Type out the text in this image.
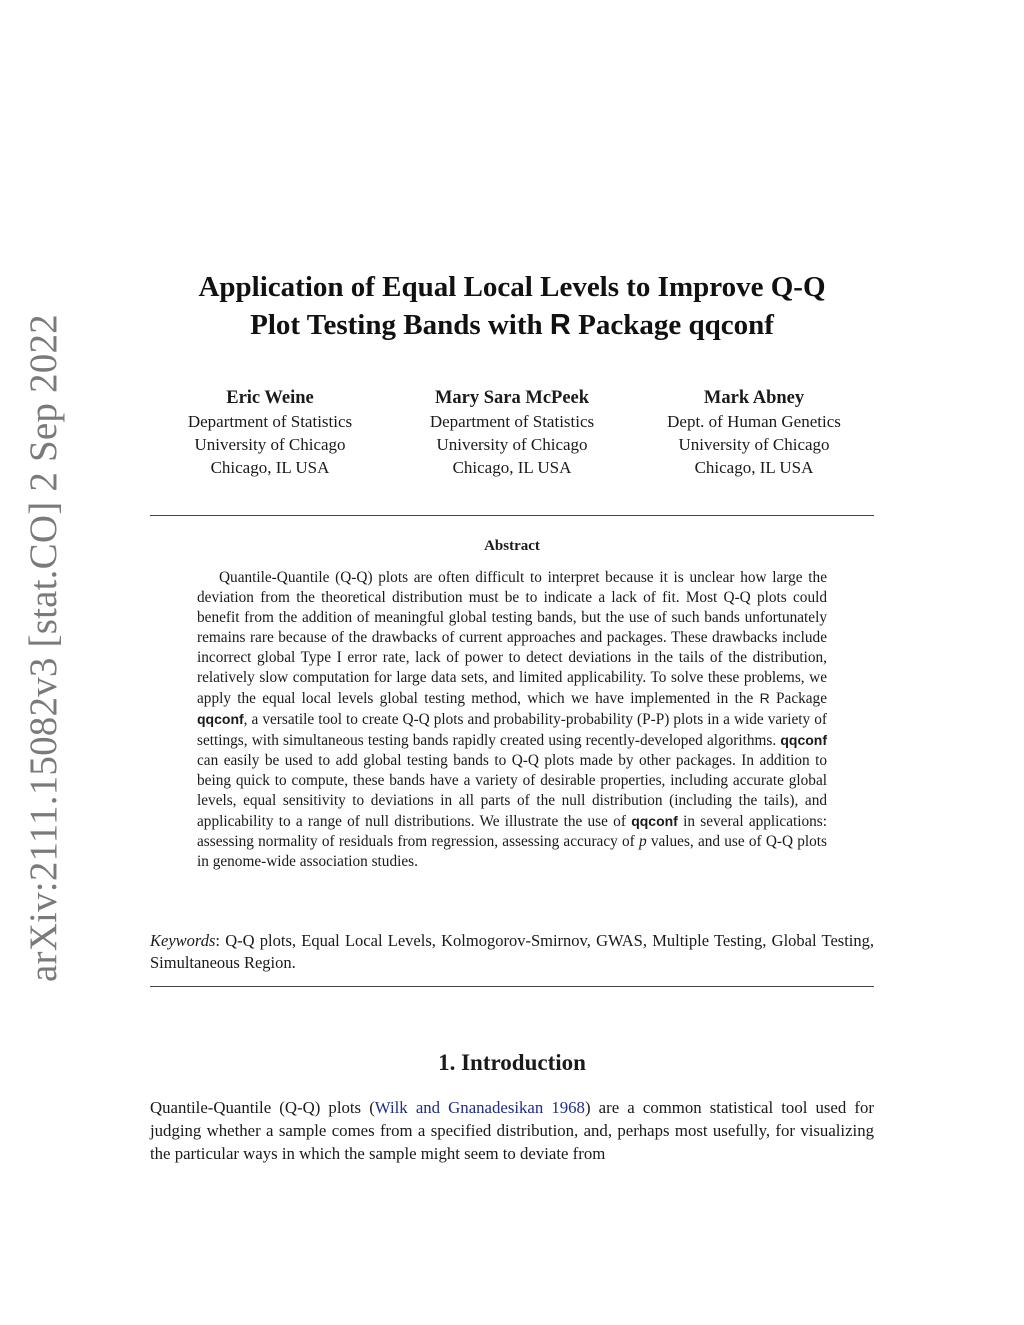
arXiv:2111.15082v3 [stat.CO] 2 Sep 2022
Application of Equal Local Levels to Improve Q-Q
Plot Testing Bands with R Package qqconf
Eric Weine
Department of Statistics
University of Chicago
Chicago, IL USA
Mary Sara McPeek
Department of Statistics
University of Chicago
Chicago, IL USA
Mark Abney
Dept. of Human Genetics
University of Chicago
Chicago, IL USA
Abstract
Quantile-Quantile (Q-Q) plots are often difficult to interpret because it is unclear how large the deviation from the theoretical distribution must be to indicate a lack of fit. Most Q-Q plots could benefit from the addition of meaningful global testing bands, but the use of such bands unfortunately remains rare because of the drawbacks of current approaches and packages. These drawbacks include incorrect global Type I error rate, lack of power to detect deviations in the tails of the distribution, relatively slow computation for large data sets, and limited applicability. To solve these problems, we apply the equal local levels global testing method, which we have implemented in the R Package qqconf, a versatile tool to create Q-Q plots and probability-probability (P-P) plots in a wide variety of settings, with simultaneous testing bands rapidly created using recently-developed algorithms. qqconf can easily be used to add global testing bands to Q-Q plots made by other packages. In addition to being quick to compute, these bands have a variety of desirable properties, including accurate global levels, equal sensitivity to deviations in all parts of the null distribution (including the tails), and applicability to a range of null distributions. We illustrate the use of qqconf in several applications: assessing normality of residuals from regression, assessing accuracy of p values, and use of Q-Q plots in genome-wide association studies.
Keywords: Q-Q plots, Equal Local Levels, Kolmogorov-Smirnov, GWAS, Multiple Testing, Global Testing, Simultaneous Region.
1. Introduction
Quantile-Quantile (Q-Q) plots (Wilk and Gnanadesikan 1968) are a common statistical tool used for judging whether a sample comes from a specified distribution, and, perhaps most usefully, for visualizing the particular ways in which the sample might seem to deviate from
